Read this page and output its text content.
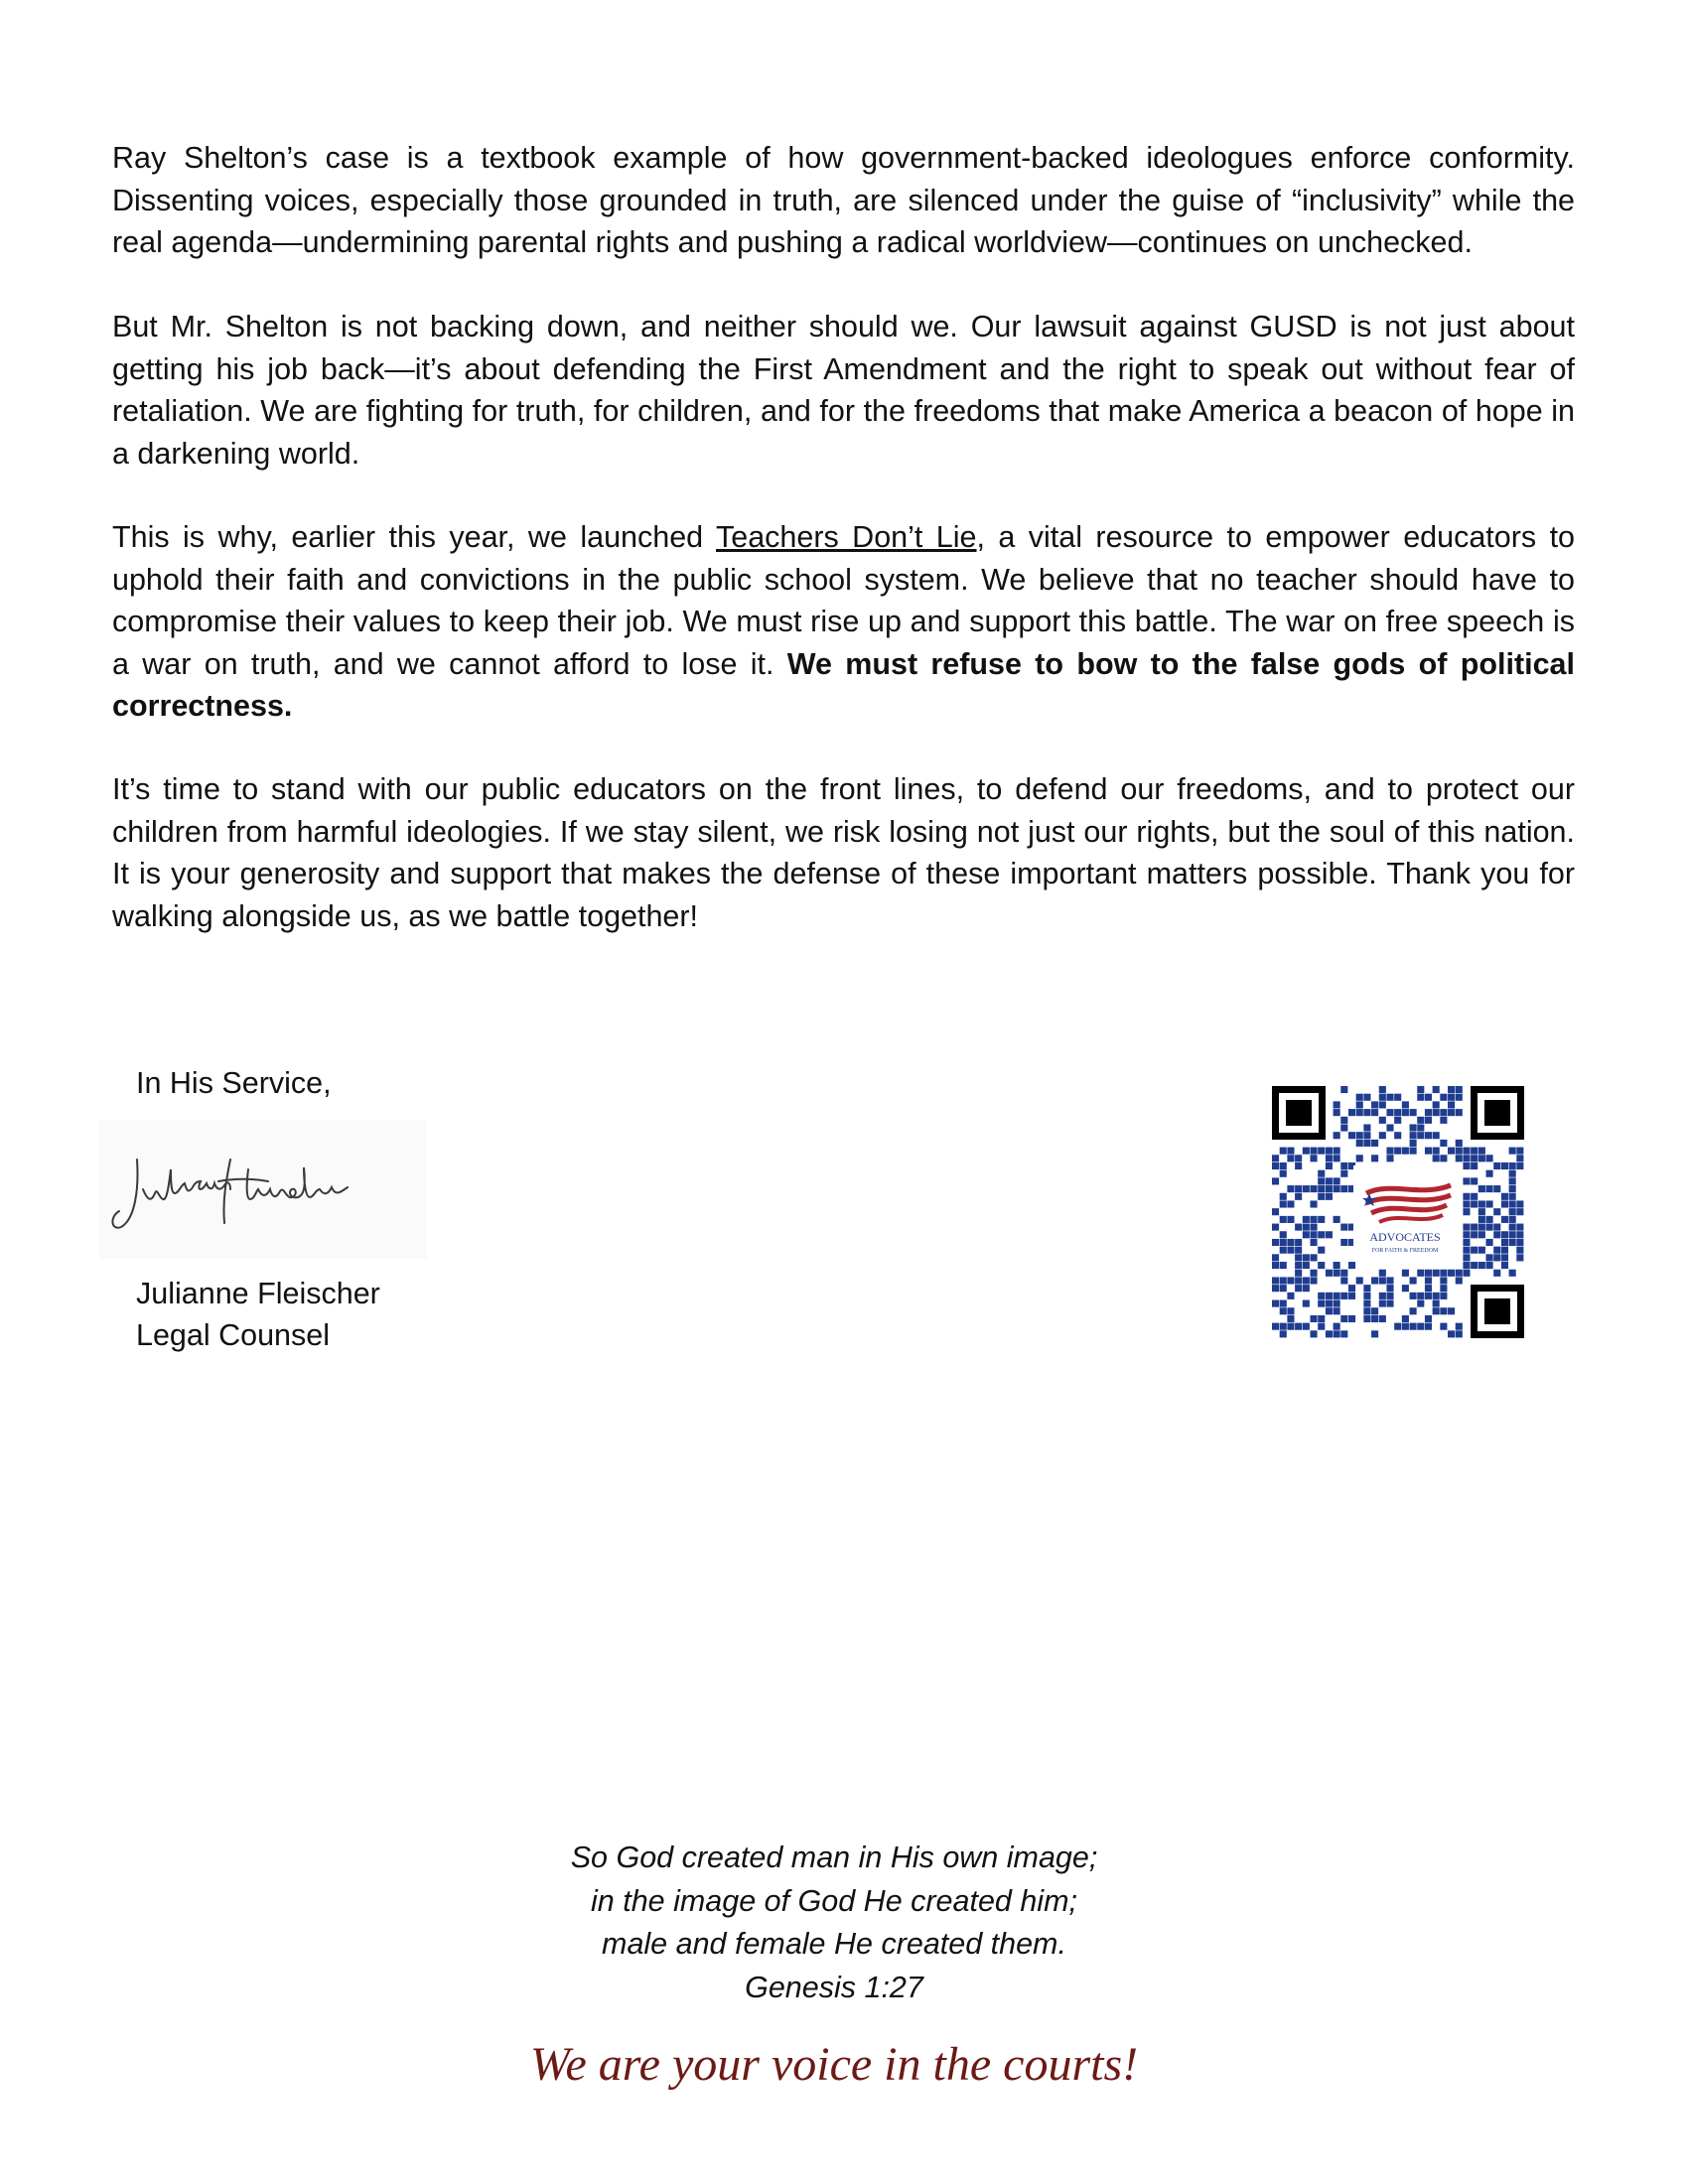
Ray Shelton’s case is a textbook example of how government-backed ideologues enforce conformity. Dissenting voices, especially those grounded in truth, are silenced under the guise of “inclusivity” while the real agenda—undermining parental rights and pushing a radical worldview—continues on unchecked.

But Mr. Shelton is not backing down, and neither should we. Our lawsuit against GUSD is not just about getting his job back—it’s about defending the First Amendment and the right to speak out without fear of retaliation. We are fighting for truth, for children, and for the freedoms that make America a beacon of hope in a darkening world.

This is why, earlier this year, we launched Teachers Don’t Lie, a vital resource to empower educators to uphold their faith and convictions in the public school system. We believe that no teacher should have to compromise their values to keep their job. We must rise up and support this battle. The war on free speech is a war on truth, and we cannot afford to lose it. We must refuse to bow to the false gods of political correctness.

It’s time to stand with our public educators on the front lines, to defend our freedoms, and to protect our children from harmful ideologies. If we stay silent, we risk losing not just our rights, but the soul of this nation. It is your generosity and support that makes the defense of these important matters possible. Thank you for walking alongside us, as we battle together!

In His Service,

Julianne Fleischer

Legal Counsel

ADVOCATES
FOR FAITH & FREEDOM
So God created man in His own image;
in the image of God He created him;
male and female He created them.
Genesis 1:27

We are your voice in the courts!
